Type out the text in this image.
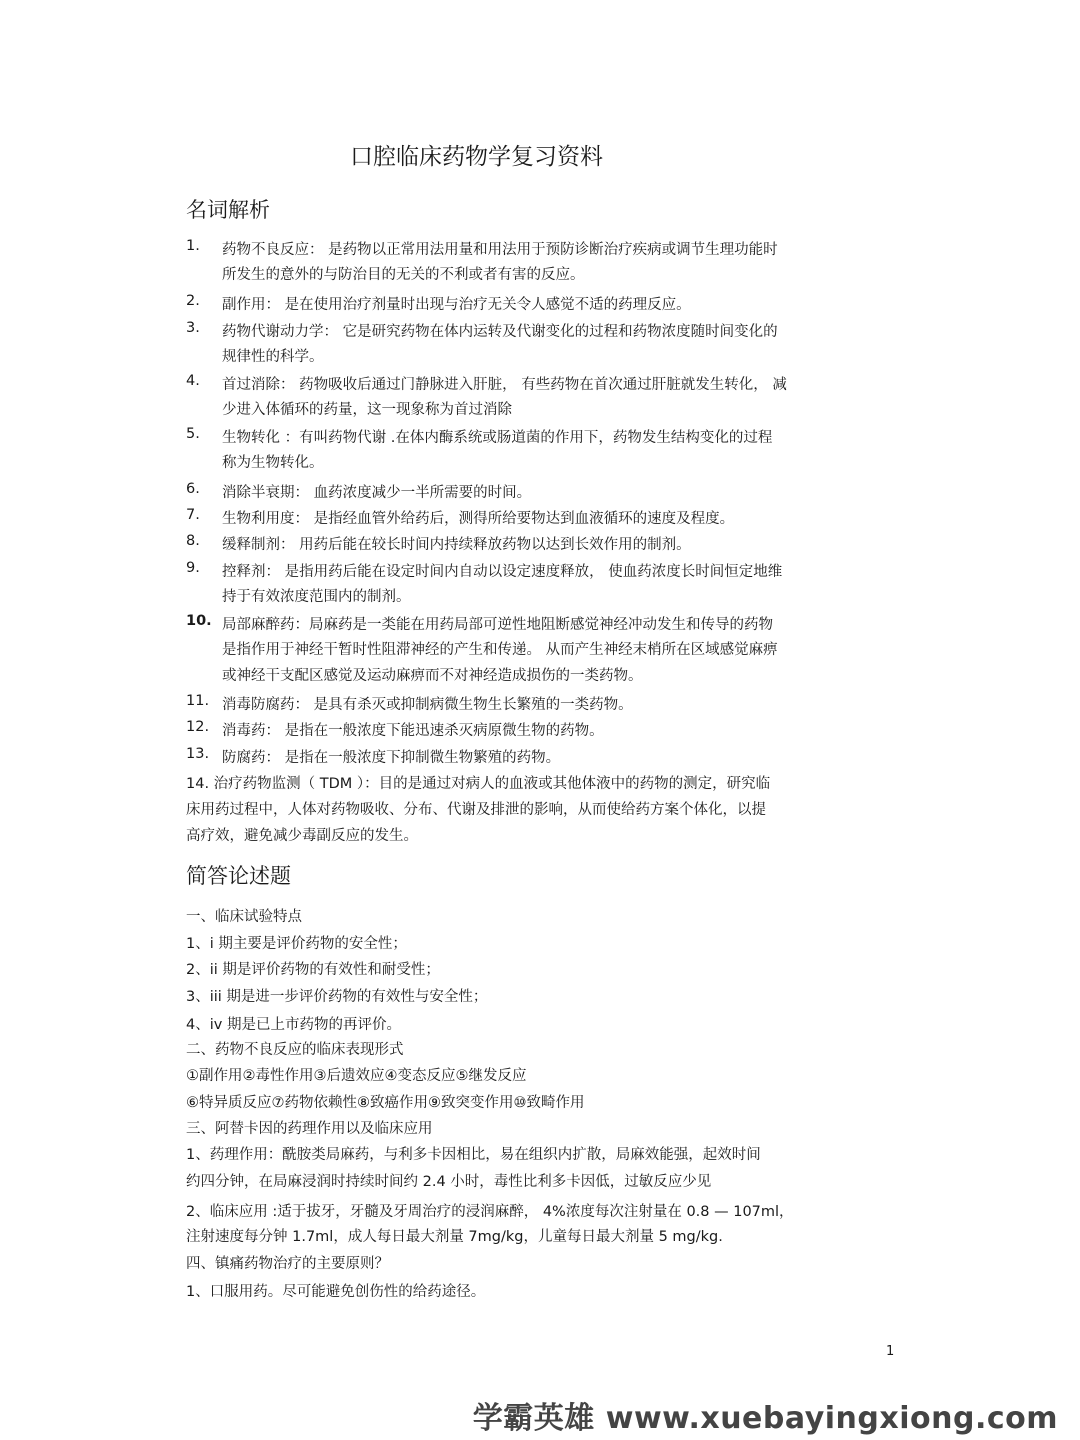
口腔临床药物学复习资料
名词解析
1. 药物不良反应： 是药物以正常用法用量和用法用于预防诊断治疗疾病或调节生理功能时
所发生的意外的与防治目的无关的不利或者有害的反应。
2. 副作用： 是在使用治疗剂量时出现与治疗无关令人感觉不适的药理反应。
3. 药物代谢动力学： 它是研究药物在体内运转及代谢变化的过程和药物浓度随时间变化的
规律性的科学。
4. 首过消除： 药物吸收后通过门静脉进入肝脏， 有些药物在首次通过肝脏就发生转化， 减
少进入体循环的药量，这一现象称为首过消除
5. 生物转化 ：有叫药物代谢 .在体内酶系统或肠道菌的作用下，药物发生结构变化的过程
称为生物转化。
6. 消除半衰期： 血药浓度减少一半所需要的时间。
7. 生物利用度： 是指经血管外给药后，测得所给要物达到血液循环的速度及程度。
8. 缓释制剂： 用药后能在较长时间内持续释放药物以达到长效作用的制剂。
9. 控释剂： 是指用药后能在设定时间内自动以设定速度释放， 使血药浓度长时间恒定地维
持于有效浓度范围内的制剂。
10. 局部麻醉药：局麻药是一类能在用药局部可逆性地阻断感觉神经冲动发生和传导的药物
是指作用于神经干暂时性阻滞神经的产生和传递。 从而产生神经末梢所在区域感觉麻痹
或神经干支配区感觉及运动麻痹而不对神经造成损伤的一类药物。
11. 消毒防腐药： 是具有杀灭或抑制病微生物生长繁殖的一类药物。
12. 消毒药： 是指在一般浓度下能迅速杀灭病原微生物的药物。
13. 防腐药： 是指在一般浓度下抑制微生物繁殖的药物。
14. 治疗药物监测（ TDM ）：目的是通过对病人的血液或其他体液中的药物的测定，研究临
床用药过程中，人体对药物吸收、分布、代谢及排泄的影响，从而使给药方案个体化，以提
高疗效，避免减少毒副反应的发生。
简答论述题
一、临床试验特点
1、i 期主要是评价药物的安全性；
2、ii 期是评价药物的有效性和耐受性；
3、iii 期是进一步评价药物的有效性与安全性；
4、iv 期是已上市药物的再评价。
二、药物不良反应的临床表现形式
①副作用②毒性作用③后遗效应④变态反应⑤继发反应
⑥特异质反应⑦药物依赖性⑧致癌作用⑨致突变作用⑩致畸作用
三、阿替卡因的药理作用以及临床应用
1、药理作用：酰胺类局麻药，与利多卡因相比，易在组织内扩散，局麻效能强，起效时间
约四分钟，在局麻浸润时持续时间约 2.4 小时，毒性比利多卡因低，过敏反应少见
2、临床应用 :适于拔牙，牙髓及牙周治疗的浸润麻醉， 4%浓度每次注射量在 0.8 — 107ml，
注射速度每分钟 1.7ml，成人每日最大剂量 7mg/kg，儿童每日最大剂量 5 mg/kg.
四、镇痛药物治疗的主要原则？
1、口服用药。尽可能避免创伤性的给药途径。
1
学霸英雄 www.xuebayingxiong.com
